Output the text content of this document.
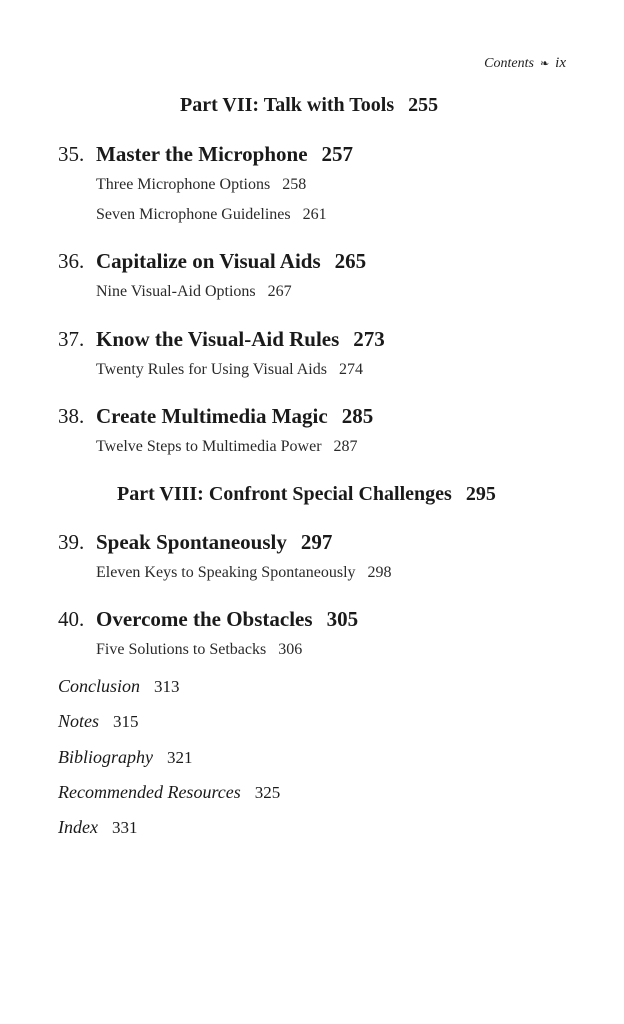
Contents ❧ ix
Part VII: Talk with Tools 255
35. Master the Microphone 257
Three Microphone Options 258
Seven Microphone Guidelines 261
36. Capitalize on Visual Aids 265
Nine Visual-Aid Options 267
37. Know the Visual-Aid Rules 273
Twenty Rules for Using Visual Aids 274
38. Create Multimedia Magic 285
Twelve Steps to Multimedia Power 287
Part VIII: Confront Special Challenges 295
39. Speak Spontaneously 297
Eleven Keys to Speaking Spontaneously 298
40. Overcome the Obstacles 305
Five Solutions to Setbacks 306
Conclusion 313
Notes 315
Bibliography 321
Recommended Resources 325
Index 331
